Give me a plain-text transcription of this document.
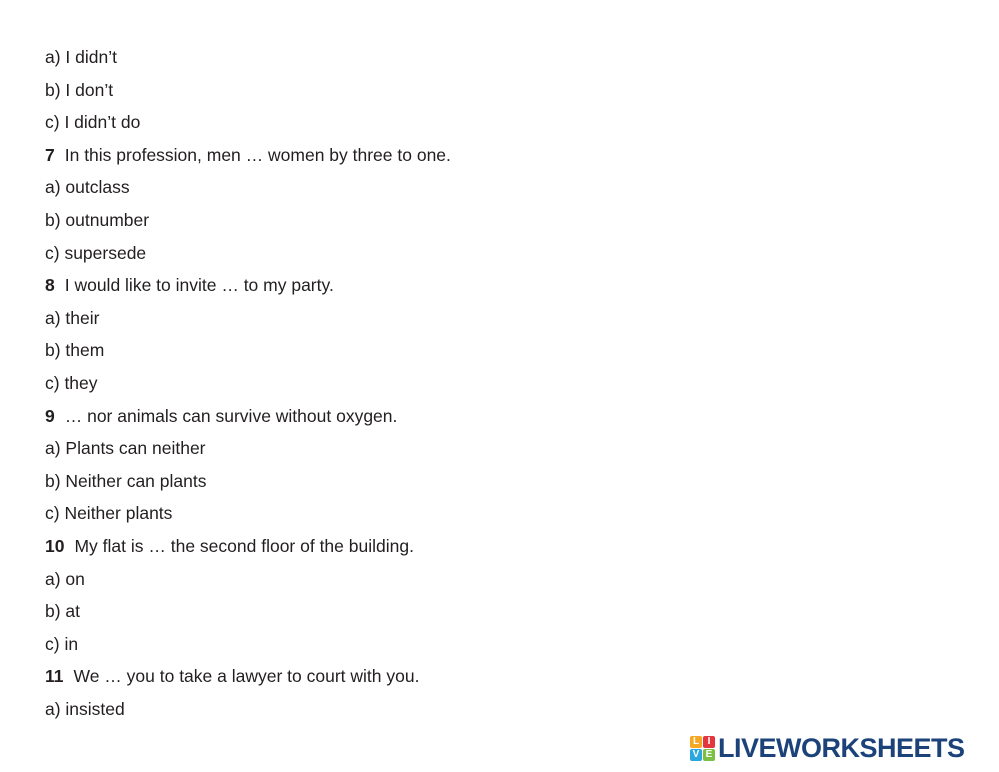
a) I didn’t
b) I don’t
c) I didn’t do
7 In this profession, men … women by three to one.
a) outclass
b) outnumber
c) supersede
8 I would like to invite … to my party.
a) their
b) them
c) they
9 … nor animals can survive without oxygen.
a) Plants can neither
b) Neither can plants
c) Neither plants
10 My flat is … the second floor of the building.
a) on
b) at
c) in
11 We … you to take a lawyer to court with you.
a) insisted
L I
V E LIVEWORKSHEETS
